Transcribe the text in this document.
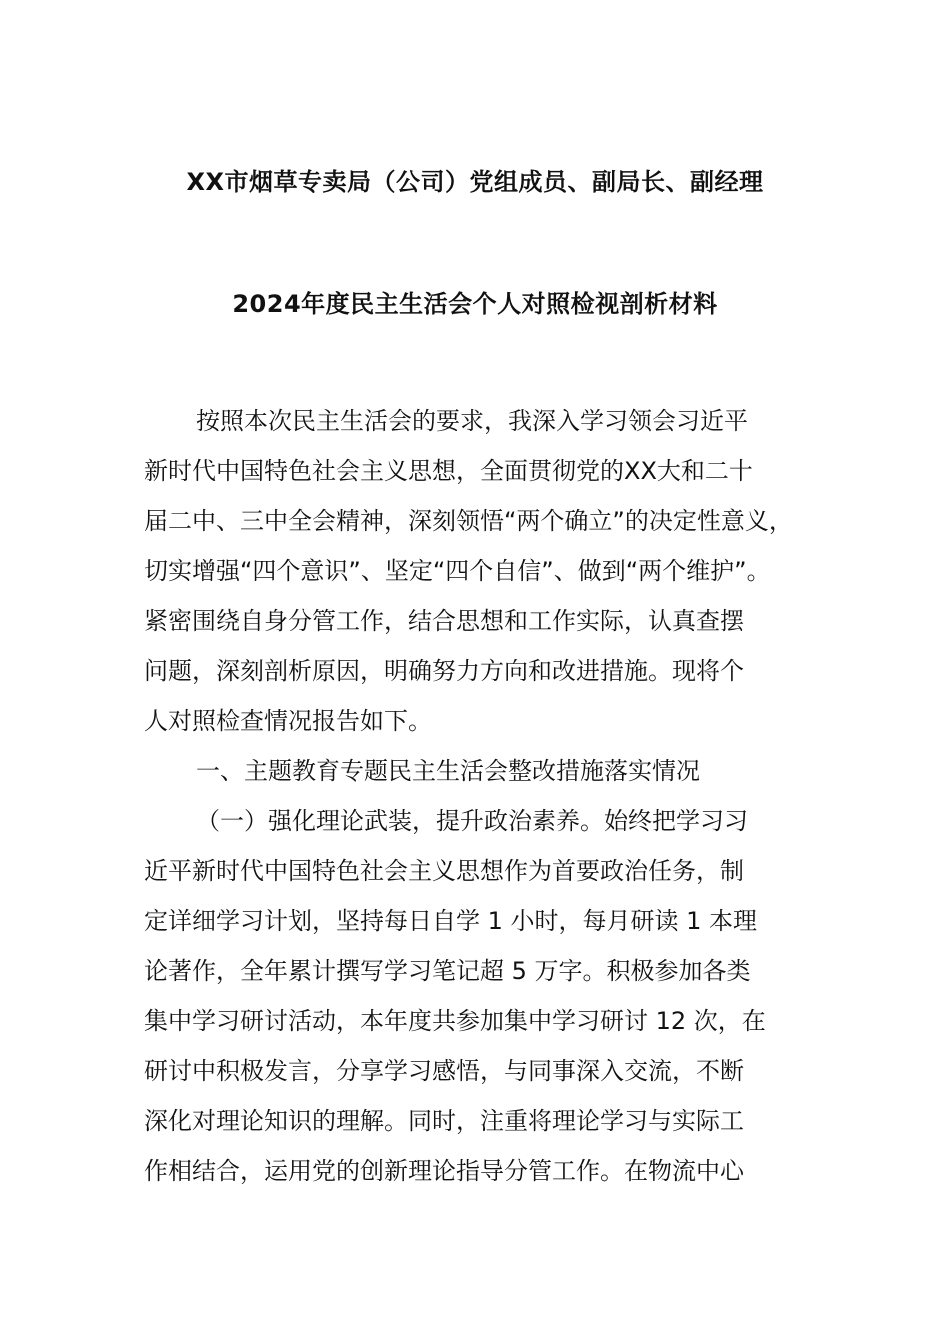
XX市烟草专卖局（公司）党组成员、副局长、副经理
2024年度民主生活会个人对照检视剖析材料
按照本次民主生活会的要求，我深入学习领会习近平
新时代中国特色社会主义思想，全面贯彻党的XX大和二十
届二中、三中全会精神，深刻领悟“两个确立”的决定性意义，
切实增强“四个意识”、坚定“四个自信”、做到“两个维护”。
紧密围绕自身分管工作，结合思想和工作实际，认真查摆
问题，深刻剖析原因，明确努力方向和改进措施。现将个
人对照检查情况报告如下。
一、主题教育专题民主生活会整改措施落实情况
（一）强化理论武装，提升政治素养。始终把学习习
近平新时代中国特色社会主义思想作为首要政治任务，制
定详细学习计划，坚持每日自学 1 小时，每月研读 1 本理
论著作，全年累计撰写学习笔记超 5 万字。积极参加各类
集中学习研讨活动，本年度共参加集中学习研讨 12 次，在
研讨中积极发言，分享学习感悟，与同事深入交流，不断
深化对理论知识的理解。同时，注重将理论学习与实际工
作相结合，运用党的创新理论指导分管工作。在物流中心
